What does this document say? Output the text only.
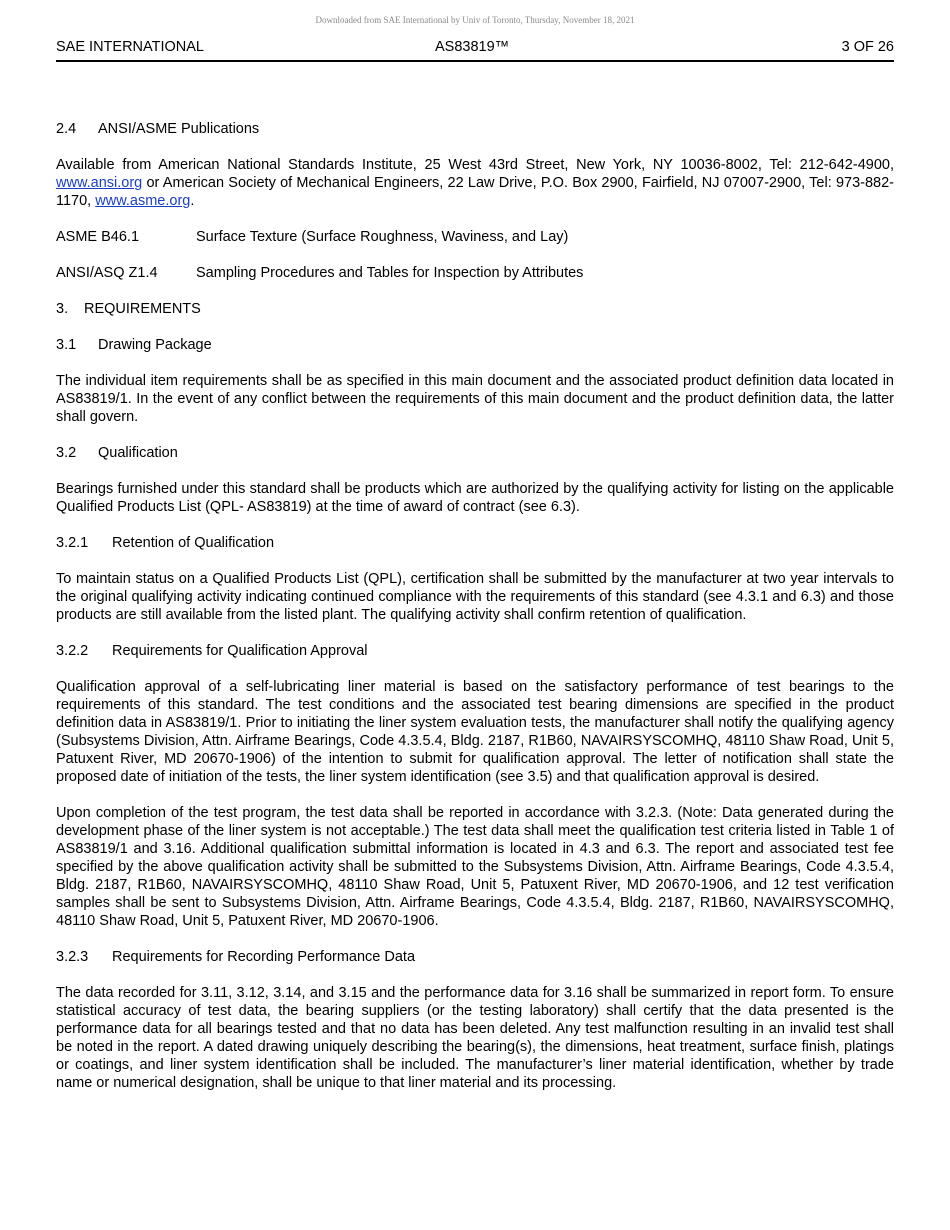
Downloaded from SAE International by Univ of Toronto, Thursday, November 18, 2021
SAE INTERNATIONAL	AS83819™	3 OF 26
2.4 ANSI/ASME Publications

Available from American National Standards Institute, 25 West 43rd Street, New York, NY 10036-8002, Tel: 212-642-4900, www.ansi.org or American Society of Mechanical Engineers, 22 Law Drive, P.O. Box 2900, Fairfield, NJ 07007-2900, Tel: 973-882-1170, www.asme.org.

ASME B46.1	Surface Texture (Surface Roughness, Waviness, and Lay)
ANSI/ASQ Z1.4	Sampling Procedures and Tables for Inspection by Attributes
3. REQUIREMENTS
3.1 Drawing Package

The individual item requirements shall be as specified in this main document and the associated product definition data located in AS83819/1. In the event of any conflict between the requirements of this main document and the product definition data, the latter shall govern.

3.2 Qualification

Bearings furnished under this standard shall be products which are authorized by the qualifying activity for listing on the applicable Qualified Products List (QPL- AS83819) at the time of award of contract (see 6.3).

3.2.1 Retention of Qualification

To maintain status on a Qualified Products List (QPL), certification shall be submitted by the manufacturer at two year intervals to the original qualifying activity indicating continued compliance with the requirements of this standard (see 4.3.1 and 6.3) and those products are still available from the listed plant. The qualifying activity shall confirm retention of qualification.

3.2.2 Requirements for Qualification Approval

Qualification approval of a self-lubricating liner material is based on the satisfactory performance of test bearings to the requirements of this standard. The test conditions and the associated test bearing dimensions are specified in the product definition data in AS83819/1. Prior to initiating the liner system evaluation tests, the manufacturer shall notify the qualifying agency (Subsystems Division, Attn. Airframe Bearings, Code 4.3.5.4, Bldg. 2187, R1B60, NAVAIRSYSCOMHQ, 48110 Shaw Road, Unit 5, Patuxent River, MD 20670-1906) of the intention to submit for qualification approval. The letter of notification shall state the proposed date of initiation of the tests, the liner system identification (see 3.5) and that qualification approval is desired.

Upon completion of the test program, the test data shall be reported in accordance with 3.2.3. (Note: Data generated during the development phase of the liner system is not acceptable.) The test data shall meet the qualification test criteria listed in Table 1 of AS83819/1 and 3.16. Additional qualification submittal information is located in 4.3 and 6.3. The report and associated test fee specified by the above qualification activity shall be submitted to the Subsystems Division, Attn. Airframe Bearings, Code 4.3.5.4, Bldg. 2187, R1B60, NAVAIRSYSCOMHQ, 48110 Shaw Road, Unit 5, Patuxent River, MD 20670-1906, and 12 test verification samples shall be sent to Subsystems Division, Attn. Airframe Bearings, Code 4.3.5.4, Bldg. 2187, R1B60, NAVAIRSYSCOMHQ, 48110 Shaw Road, Unit 5, Patuxent River, MD 20670-1906.

3.2.3 Requirements for Recording Performance Data

The data recorded for 3.11, 3.12, 3.14, and 3.15 and the performance data for 3.16 shall be summarized in report form. To ensure statistical accuracy of test data, the bearing suppliers (or the testing laboratory) shall certify that the data presented is the performance data for all bearings tested and that no data has been deleted. Any test malfunction resulting in an invalid test shall be noted in the report. A dated drawing uniquely describing the bearing(s), the dimensions, heat treatment, surface finish, platings or coatings, and liner system identification shall be included. The manufacturer’s liner material identification, whether by trade name or numerical designation, shall be unique to that liner material and its processing.
